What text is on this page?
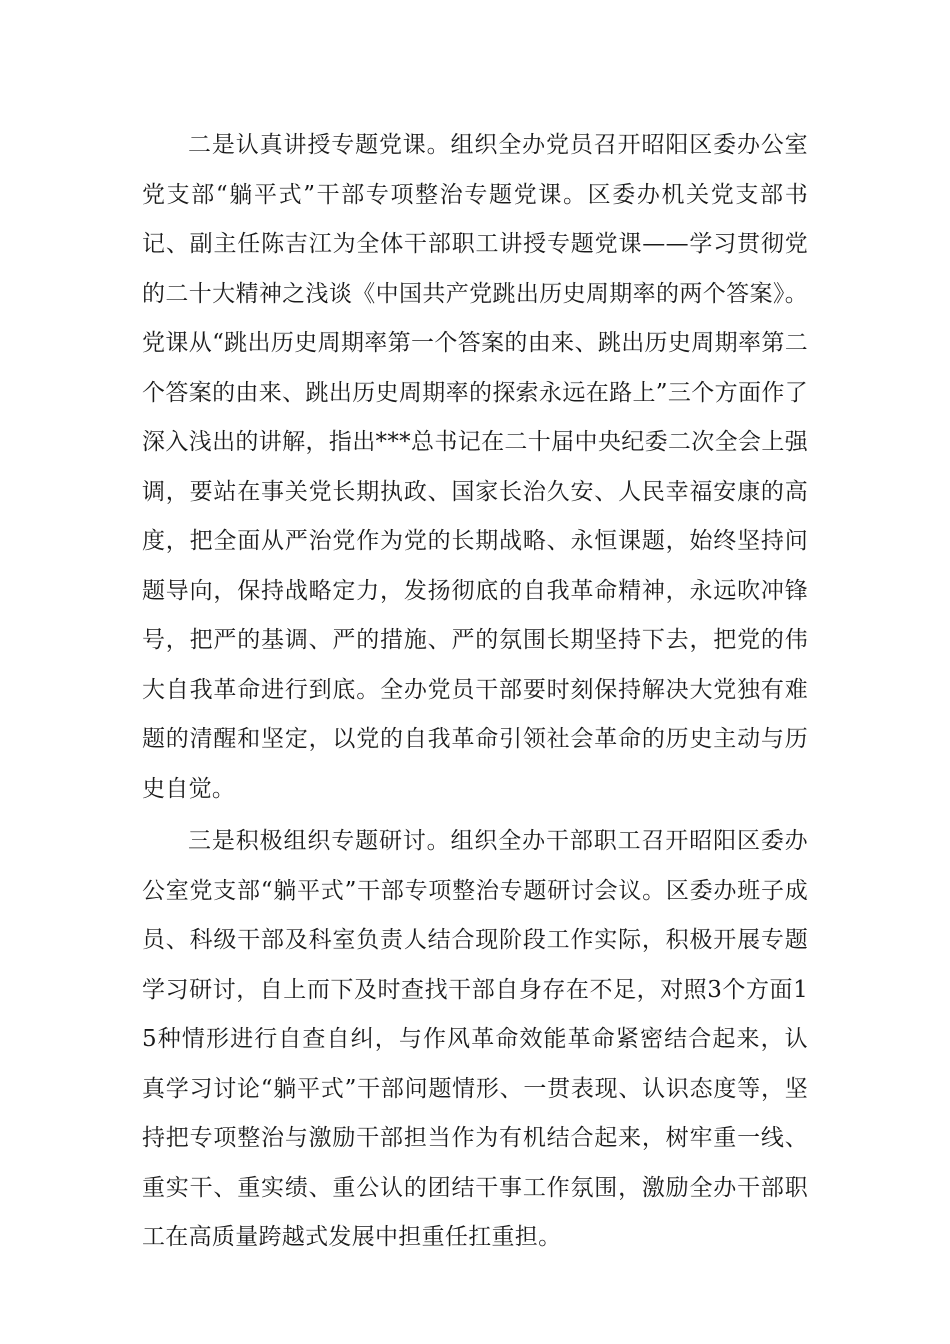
二是认真讲授专题党课。组织全办党员召开昭阳区委办公室党支部“躺平式”干部专项整治专题党课。区委办机关党支部书记、副主任陈吉江为全体干部职工讲授专题党课——学习贯彻党的二十大精神之浅谈《中国共产党跳出历史周期率的两个答案》。党课从“跳出历史周期率第一个答案的由来、跳出历史周期率第二个答案的由来、跳出历史周期率的探索永远在路上”三个方面作了深入浅出的讲解，指出***总书记在二十届中央纪委二次全会上强调，要站在事关党长期执政、国家长治久安、人民幸福安康的高度，把全面从严治党作为党的长期战略、永恒课题，始终坚持问题导向，保持战略定力，发扬彻底的自我革命精神，永远吹冲锋号，把严的基调、严的措施、严的氛围长期坚持下去，把党的伟大自我革命进行到底。全办党员干部要时刻保持解决大党独有难题的清醒和坚定，以党的自我革命引领社会革命的历史主动与历史自觉。

三是积极组织专题研讨。组织全办干部职工召开昭阳区委办公室党支部“躺平式”干部专项整治专题研讨会议。区委办班子成员、科级干部及科室负责人结合现阶段工作实际，积极开展专题学习研讨，自上而下及时查找干部自身存在不足，对照3个方面15种情形进行自查自纠，与作风革命效能革命紧密结合起来，认真学习讨论“躺平式”干部问题情形、一贯表现、认识态度等，坚持把专项整治与激励干部担当作为有机结合起来，树牢重一线、重实干、重实绩、重公认的团结干事工作氛围，激励全办干部职工在高质量跨越式发展中担重任扛重担。
